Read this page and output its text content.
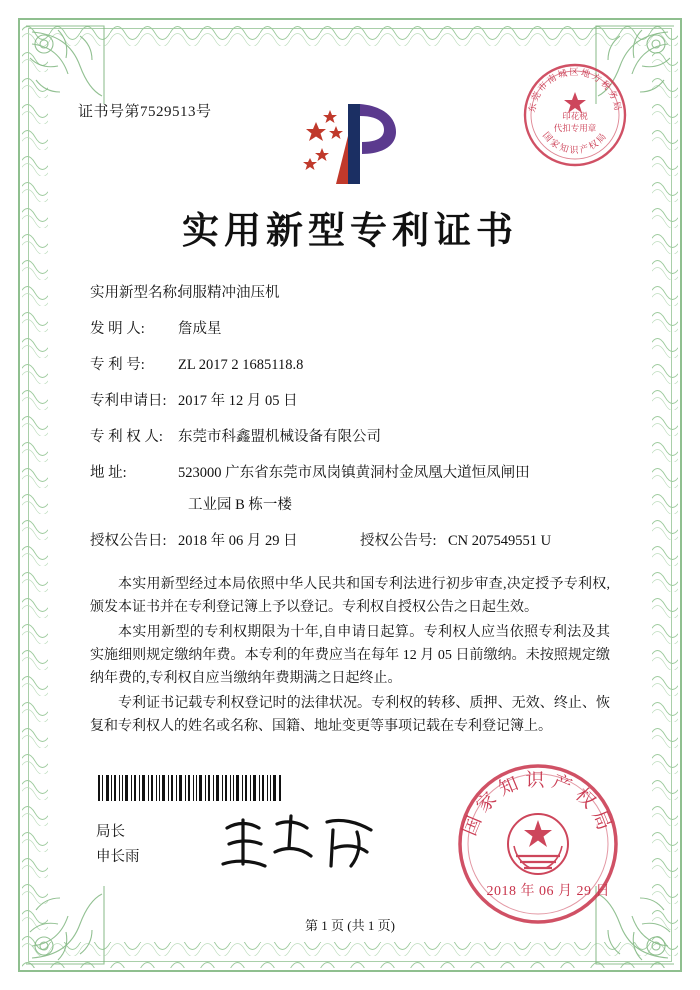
证书号第7529513号	东莞市南城区地方税务局
国家知识产权局
印花税
代扣专用章
实用新型专利证书
实用新型名称:
伺服精冲油压机
发 明 人:	詹成星
专 利 号:	ZL 2017 2 1685118.8
专利申请日: 2017 年 12 月 05 日
专 利 权 人:	东莞市科鑫盟机械设备有限公司
地 址:	523000 广东省东莞市凤岗镇黄洞村金凤凰大道恒凤闸田
工业园 B 栋一楼
授权公告日: 2018 年 06 月 29 日	授权公告号: CN 207549551 U

本实用新型经过本局依照中华人民共和国专利法进行初步审查,决定授予专利权,颁发本证书并在专利登记簿上予以登记。专利权自授权公告之日起生效。

本实用新型的专利权期限为十年,自申请日起算。专利权人应当依照专利法及其实施细则规定缴纳年费。本专利的年费应当在每年 12 月 05 日前缴纳。未按照规定缴纳年费的,专利权自应当缴纳年费期满之日起终止。

专利证书记载专利权登记时的法律状况。专利权的转移、质押、无效、终止、恢复和专利权人的姓名或名称、国籍、地址变更等事项记载在专利登记簿上。

局长
申长雨
国家知识产权局
2018 年 06 月 29 日
第 1 页 (共 1 页)
